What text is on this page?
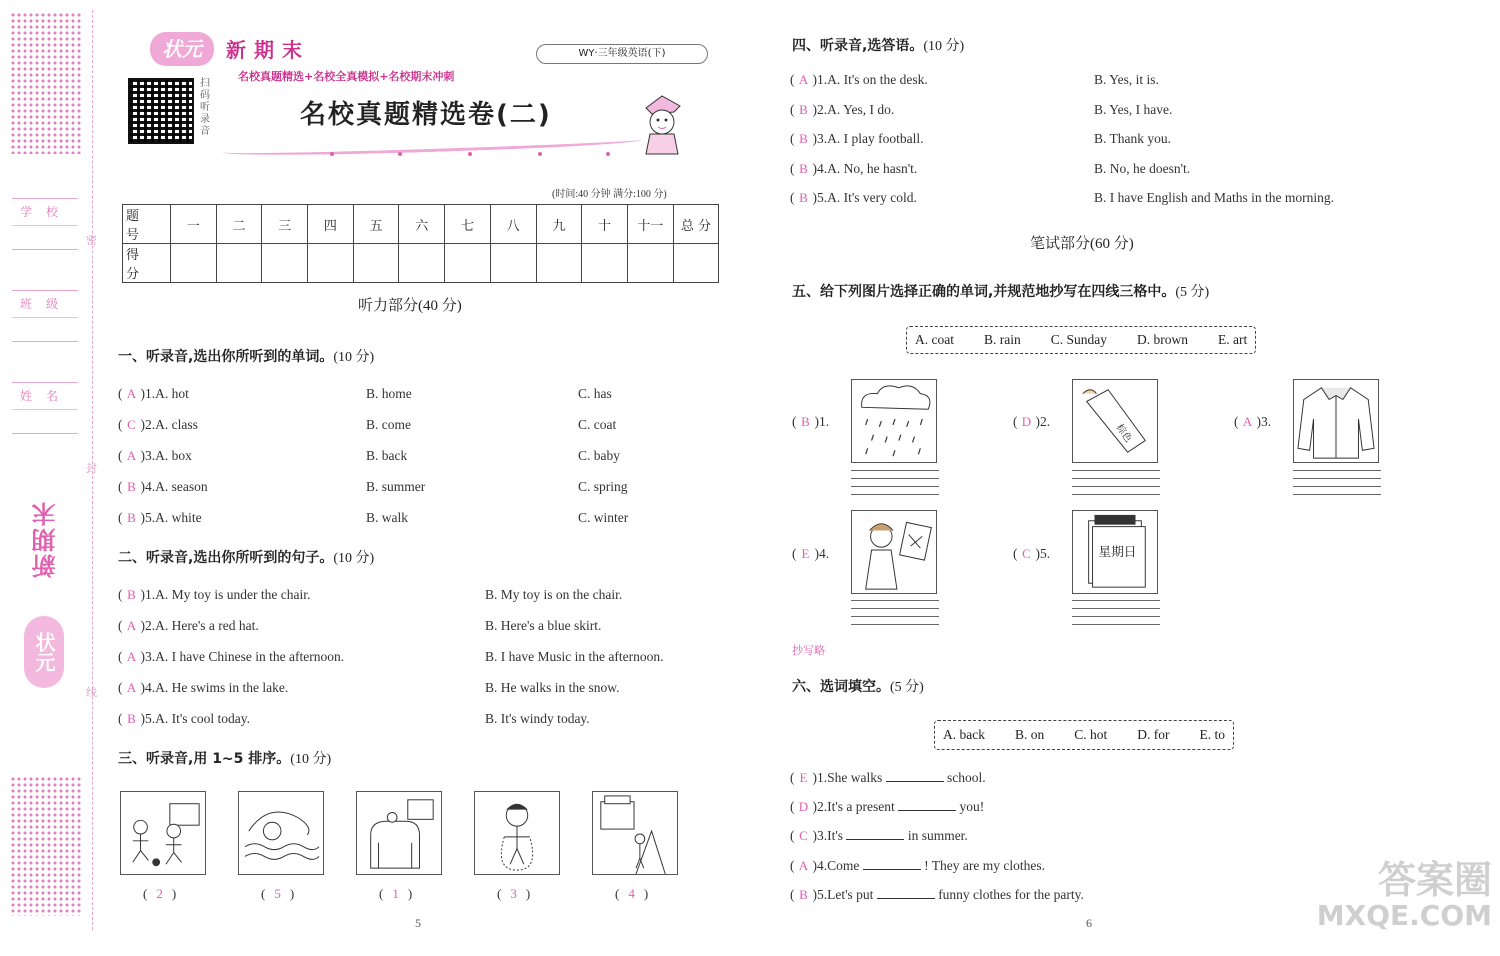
密
封
线
学校
班级
姓名
新期末
状元
状元	新期末
名校真题精选+名校全真模拟+名校期末冲刺
WY·三年级英语(下)
扫码听录音
名校真题精选卷(二)
(时间:40 分钟 满分:100 分)
题 号	一	二	三	四	五	六	七	八	九	十	十一	总 分
得 分												
听力部分(40 分)
一、听录音,选出你所听到的单词。(10 分)
( A )1.A. hot	B. home	C. has
( C )2.A. class	B. come	C. coat
( A )3.A. box	B. back	C. baby
( B )4.A. season	B. summer	C. spring
( B )5.A. white	B. walk	C. winter
二、听录音,选出你所听到的句子。(10 分)
( B )1.A. My toy is under the chair.	B. My toy is on the chair.
( A )2.A. Here's a red hat.	B. Here's a blue skirt.
( A )3.A. I have Chinese in the afternoon.	B. I have Music in the afternoon.
( A )4.A. He swims in the lake.	B. He walks in the snow.
( B )5.A. It's cool today.	B. It's windy today.
三、听录音,用 1~5 排序。(10 分)
( 2 )	( 5 )	( 1 )	( 3 )	( 4 )
5
四、听录音,选答语。(10 分)
( A )1.A. It's on the desk.	B. Yes, it is.
( B )2.A. Yes, I do.	B. Yes, I have.
( B )3.A. I play football.	B. Thank you.
( B )4.A. No, he hasn't.	B. No, he doesn't.
( B )5.A. It's very cold.	B. I have English and Maths in the morning.
笔试部分(60 分)
五、给下列图片选择正确的单词,并规范地抄写在四线三格中。(5 分)
A. coat B. rain C. Sunday D. brown E. art
棕色
星期日
( B )1.	( D )2.	( A )3.
( E )4.	( C )5.
抄写略
六、选词填空。(5 分)
A. back B. on C. hot D. for E. to
( E )1.She walks	school.
( D )2.It's a present	you!
( C )3.It's	in summer.
( A )4.Come	! They are my clothes.
( B )5.Let's put	funny clothes for the party.
6
答案圈
MXQE.COM
